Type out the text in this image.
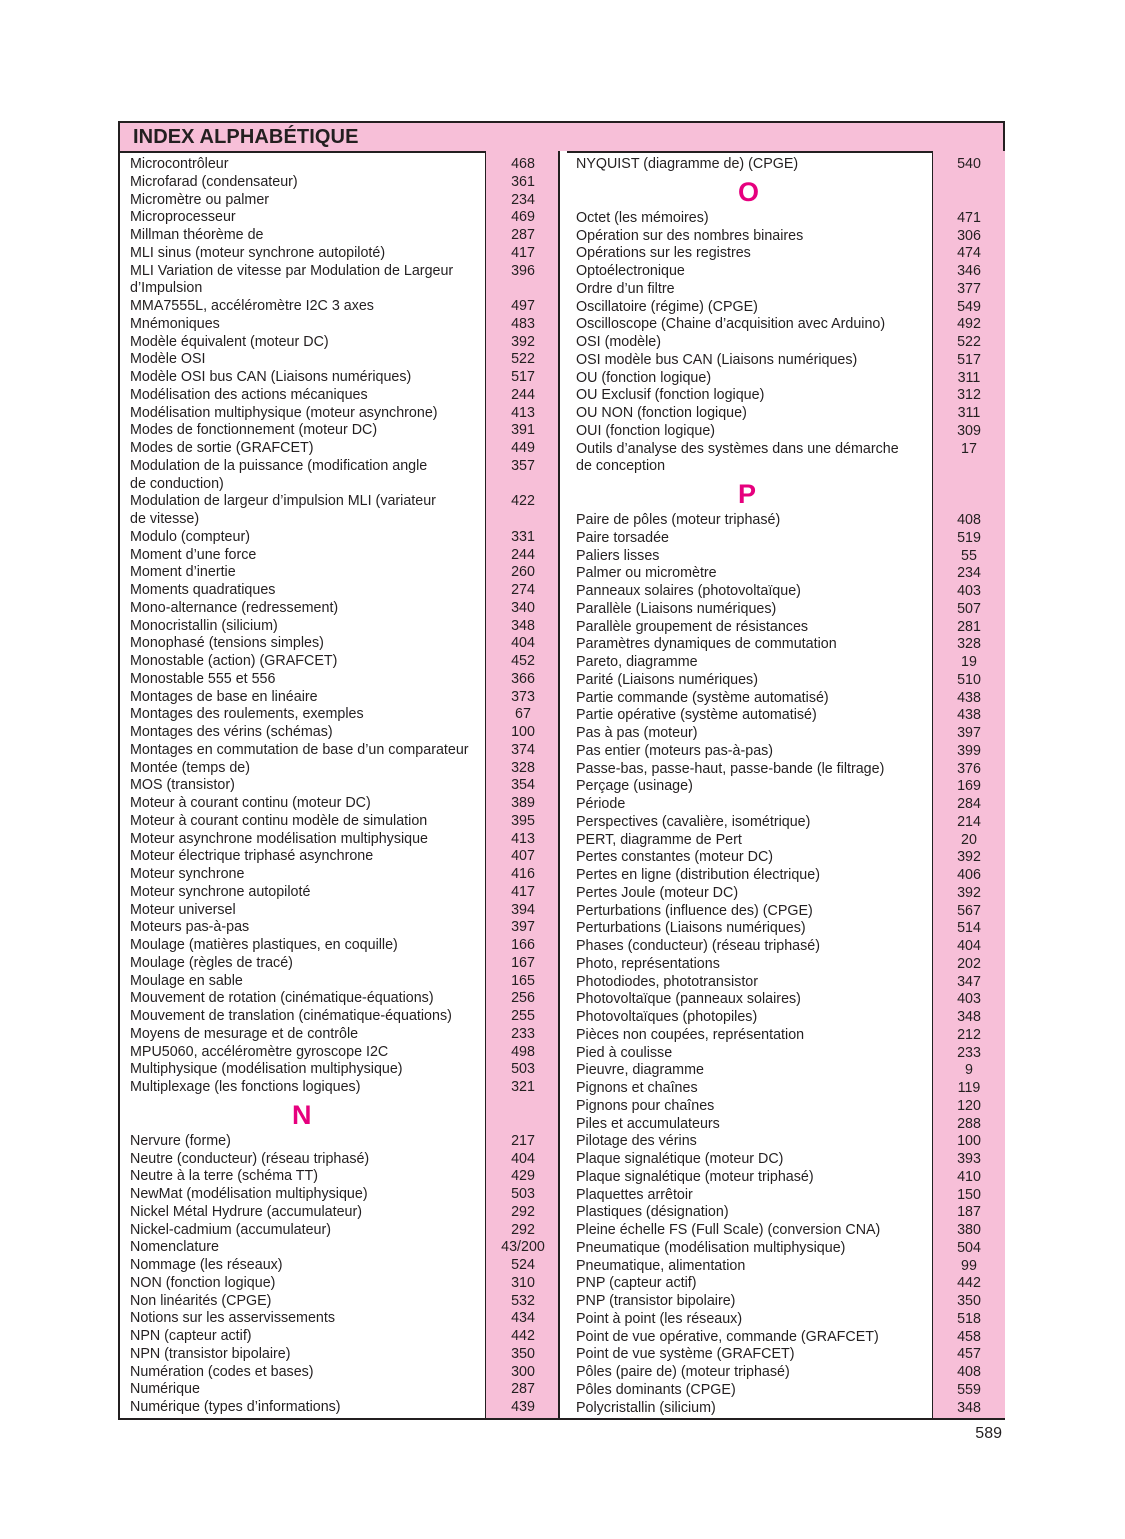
INDEX ALPHABÉTIQUE
Microcontrôleur	468
Microfarad (condensateur)	361
Micromètre ou palmer	234
Microprocesseur	469
Millman théorème de	287
MLI sinus (moteur synchrone autopiloté)	417
MLI Variation de vitesse par Modulation de Largeur
d’Impulsion
396
MMA7555L, accéléromètre I2C 3 axes	497
Mnémoniques	483
Modèle équivalent (moteur DC)	392
Modèle OSI	522
Modèle OSI bus CAN (Liaisons numériques)	517
Modélisation des actions mécaniques	244
Modélisation multiphysique (moteur asynchrone)	413
Modes de fonctionnement (moteur DC)	391
Modes de sortie (GRAFCET)	449
Modulation de la puissance (modification angle
de conduction)
357
Modulation de largeur d’impulsion MLI (variateur
de vitesse)
422
Modulo (compteur)	331
Moment d’une force	244
Moment d’inertie	260
Moments quadratiques	274
Mono-alternance (redressement)	340
Monocristallin (silicium)	348
Monophasé (tensions simples)	404
Monostable (action) (GRAFCET)	452
Monostable 555 et 556	366
Montages de base en linéaire	373
Montages des roulements, exemples	67
Montages des vérins (schémas)	100
Montages en commutation de base d’un comparateur	374
Montée (temps de)	328
MOS (transistor)	354
Moteur à courant continu (moteur DC)	389
Moteur à courant continu modèle de simulation	395
Moteur asynchrone modélisation multiphysique	413
Moteur électrique triphasé asynchrone	407
Moteur synchrone	416
Moteur synchrone autopiloté	417
Moteur universel	394
Moteurs pas-à-pas	397
Moulage (matières plastiques, en coquille)	166
Moulage (règles de tracé)	167
Moulage en sable	165
Mouvement de rotation (cinématique-équations)	256
Mouvement de translation (cinématique-équations)	255
Moyens de mesurage et de contrôle	233
MPU5060, accéléromètre gyroscope I2C	498
Multiphysique (modélisation multiphysique)	503
Multiplexage (les fonctions logiques)	321
N
Nervure (forme)	217
Neutre (conducteur) (réseau triphasé)	404
Neutre à la terre (schéma TT)	429
NewMat (modélisation multiphysique)	503
Nickel Métal Hydrure (accumulateur)	292
Nickel-cadmium (accumulateur)	292
Nomenclature	43/200
Nommage (les réseaux)	524
NON (fonction logique)	310
Non linéarités (CPGE)	532
Notions sur les asservissements	434
NPN (capteur actif)	442
NPN (transistor bipolaire)	350
Numération (codes et bases)	300
Numérique	287
Numérique (types d’informations)	439
NYQUIST (diagramme de) (CPGE)	540
O
Octet (les mémoires)	471
Opération sur des nombres binaires	306
Opérations sur les registres	474
Optoélectronique	346
Ordre d’un filtre	377
Oscillatoire (régime) (CPGE)	549
Oscilloscope (Chaine d’acquisition avec Arduino)	492
OSI (modèle)	522
OSI modèle bus CAN (Liaisons numériques)	517
OU (fonction logique)	311
OU Exclusif (fonction logique)	312
OU NON (fonction logique)	311
OUI (fonction logique)	309
Outils d’analyse des systèmes dans une démarche
de conception
17
P
Paire de pôles (moteur triphasé)	408
Paire torsadée	519
Paliers lisses	55
Palmer ou micromètre	234
Panneaux solaires (photovoltaïque)	403
Parallèle (Liaisons numériques)	507
Parallèle groupement de résistances	281
Paramètres dynamiques de commutation	328
Pareto, diagramme	19
Parité (Liaisons numériques)	510
Partie commande (système automatisé)	438
Partie opérative (système automatisé)	438
Pas à pas (moteur)	397
Pas entier (moteurs pas-à-pas)	399
Passe-bas, passe-haut, passe-bande (le filtrage)	376
Perçage (usinage)	169
Période	284
Perspectives (cavalière, isométrique)	214
PERT, diagramme de Pert	20
Pertes constantes (moteur DC)	392
Pertes en ligne (distribution électrique)	406
Pertes Joule (moteur DC)	392
Perturbations (influence des) (CPGE)	567
Perturbations (Liaisons numériques)	514
Phases (conducteur) (réseau triphasé)	404
Photo, représentations	202
Photodiodes, phototransistor	347
Photovoltaïque (panneaux solaires)	403
Photovoltaïques (photopiles)	348
Pièces non coupées, représentation	212
Pied à coulisse	233
Pieuvre, diagramme	9
Pignons et chaînes	119
Pignons pour chaînes	120
Piles et accumulateurs	288
Pilotage des vérins	100
Plaque signalétique (moteur DC)	393
Plaque signalétique (moteur triphasé)	410
Plaquettes arrêtoir	150
Plastiques (désignation)	187
Pleine échelle FS (Full Scale) (conversion CNA)	380
Pneumatique (modélisation multiphysique)	504
Pneumatique, alimentation	99
PNP (capteur actif)	442
PNP (transistor bipolaire)	350
Point à point (les réseaux)	518
Point de vue opérative, commande (GRAFCET)	458
Point de vue système (GRAFCET)	457
Pôles (paire de) (moteur triphasé)	408
Pôles dominants (CPGE)	559
Polycristallin (silicium)	348
589
